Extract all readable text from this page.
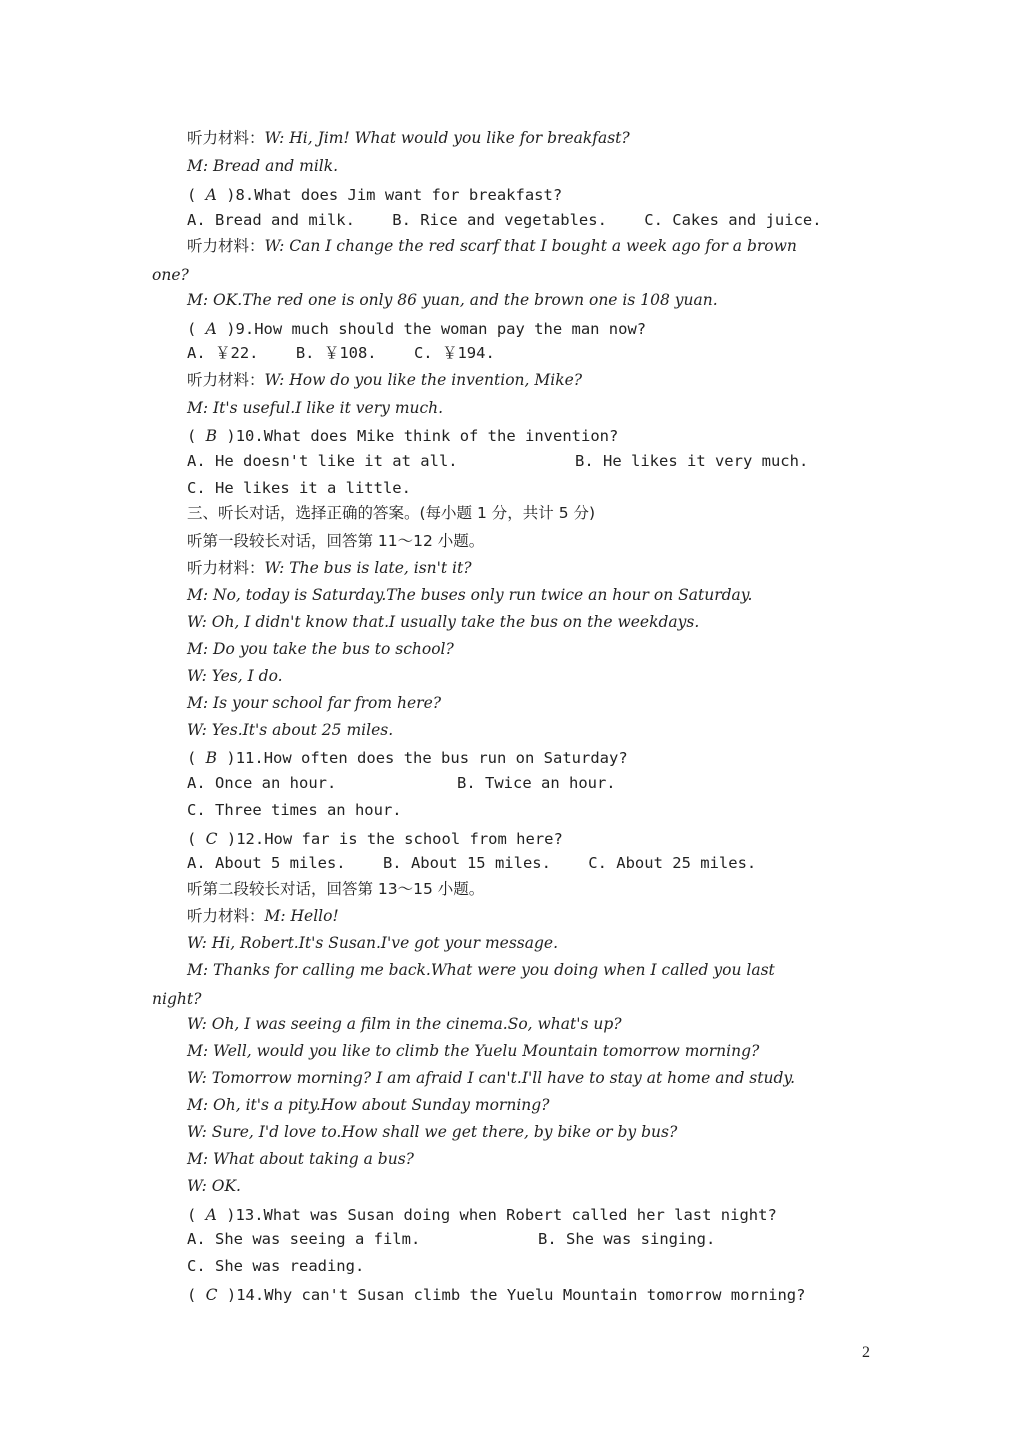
听力材料：W: Hi, Jim! What would you like for breakfast?
M: Bread and milk.
( A )8.What does Jim want for breakfast?
A. Bread and milk.    B. Rice and vegetables.    C. Cakes and juice.
听力材料：W: Can I change the red scarf that I bought a week ago for a brown
one?
M: OK.The red one is only 86 yuan, and the brown one is 108 yuan.
( A )9.How much should the woman pay the man now?
A. ￥22.    B. ￥108.    C. ￥194.
听力材料：W: How do you like the invention, Mike?
M: It's useful.I like it very much.
( B )10.What does Mike think of the invention?
A. He doesn't like it at all.	B. He likes it very much.
C. He likes it a little.
三、听长对话，选择正确的答案。(每小题 1 分，共计 5 分)
听第一段较长对话，回答第 11～12 小题。
听力材料：W: The bus is late, isn't it?
M: No, today is Saturday.The buses only run twice an hour on Saturday.
W: Oh, I didn't know that.I usually take the bus on the weekdays.
M: Do you take the bus to school?
W: Yes, I do.
M: Is your school far from here?
W: Yes.It's about 25 miles.
( B )11.How often does the bus run on Saturday?
A. Once an hour.	B. Twice an hour.
C. Three times an hour.
( C )12.How far is the school from here?
A. About 5 miles.    B. About 15 miles.    C. About 25 miles.
听第二段较长对话，回答第 13～15 小题。
听力材料：M: Hello!
W: Hi, Robert.It's Susan.I've got your message.
M: Thanks for calling me back.What were you doing when I called you last
night?
W: Oh, I was seeing a film in the cinema.So, what's up?
M: Well, would you like to climb the Yuelu Mountain tomorrow morning?
W: Tomorrow morning? I am afraid I can't.I'll have to stay at home and study.
M: Oh, it's a pity.How about Sunday morning?
W: Sure, I'd love to.How shall we get there, by bike or by bus?
M: What about taking a bus?
W: OK.
( A )13.What was Susan doing when Robert called her last night?
A. She was seeing a film.	B. She was singing.
C. She was reading.
( C )14.Why can't Susan climb the Yuelu Mountain tomorrow morning?
2
